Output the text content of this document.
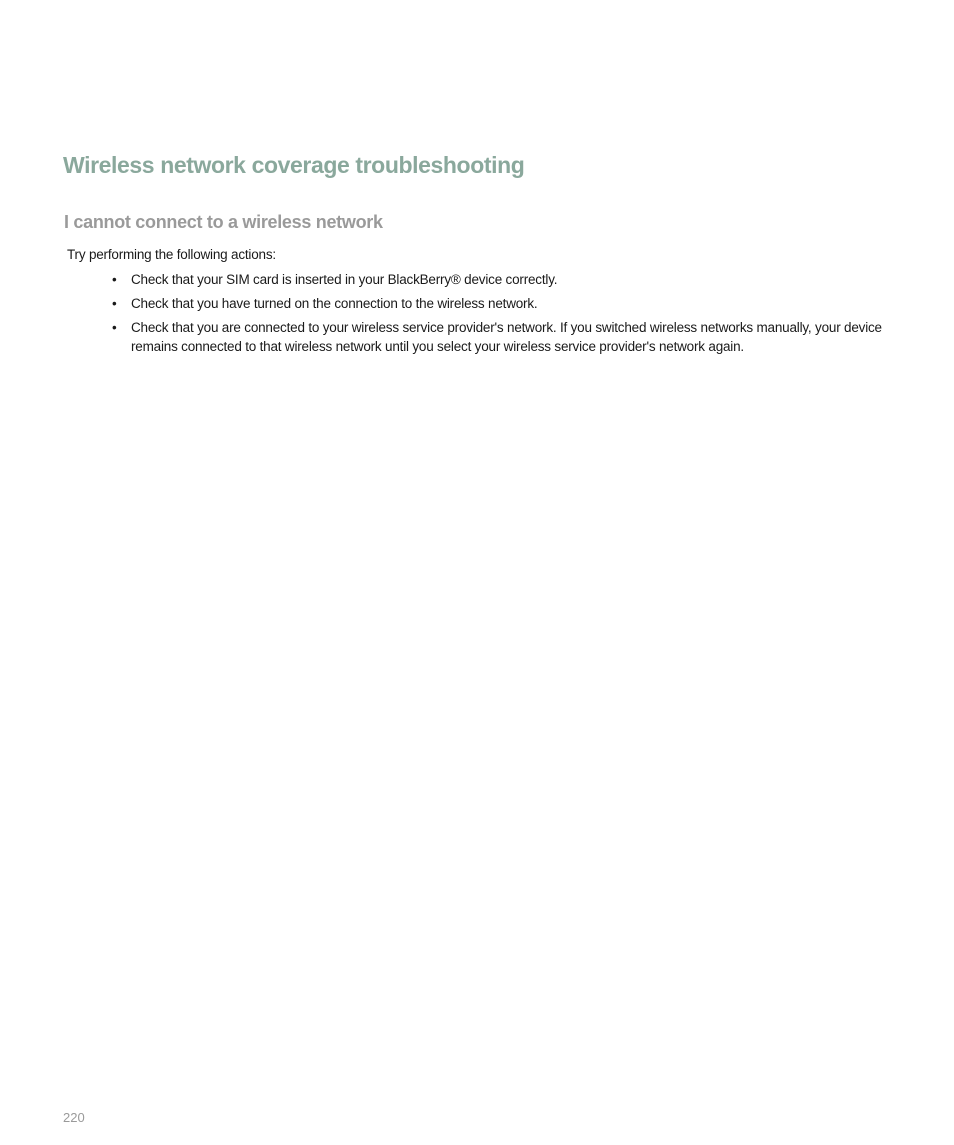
Wireless network coverage troubleshooting
I cannot connect to a wireless network

Try performing the following actions:

• Check that your SIM card is inserted in your BlackBerry® device correctly.
• Check that you have turned on the connection to the wireless network.
• Check that you are connected to your wireless service provider's network. If you switched wireless networks manually, your device remains connected to that wireless network until you select your wireless service provider's network again.

220
